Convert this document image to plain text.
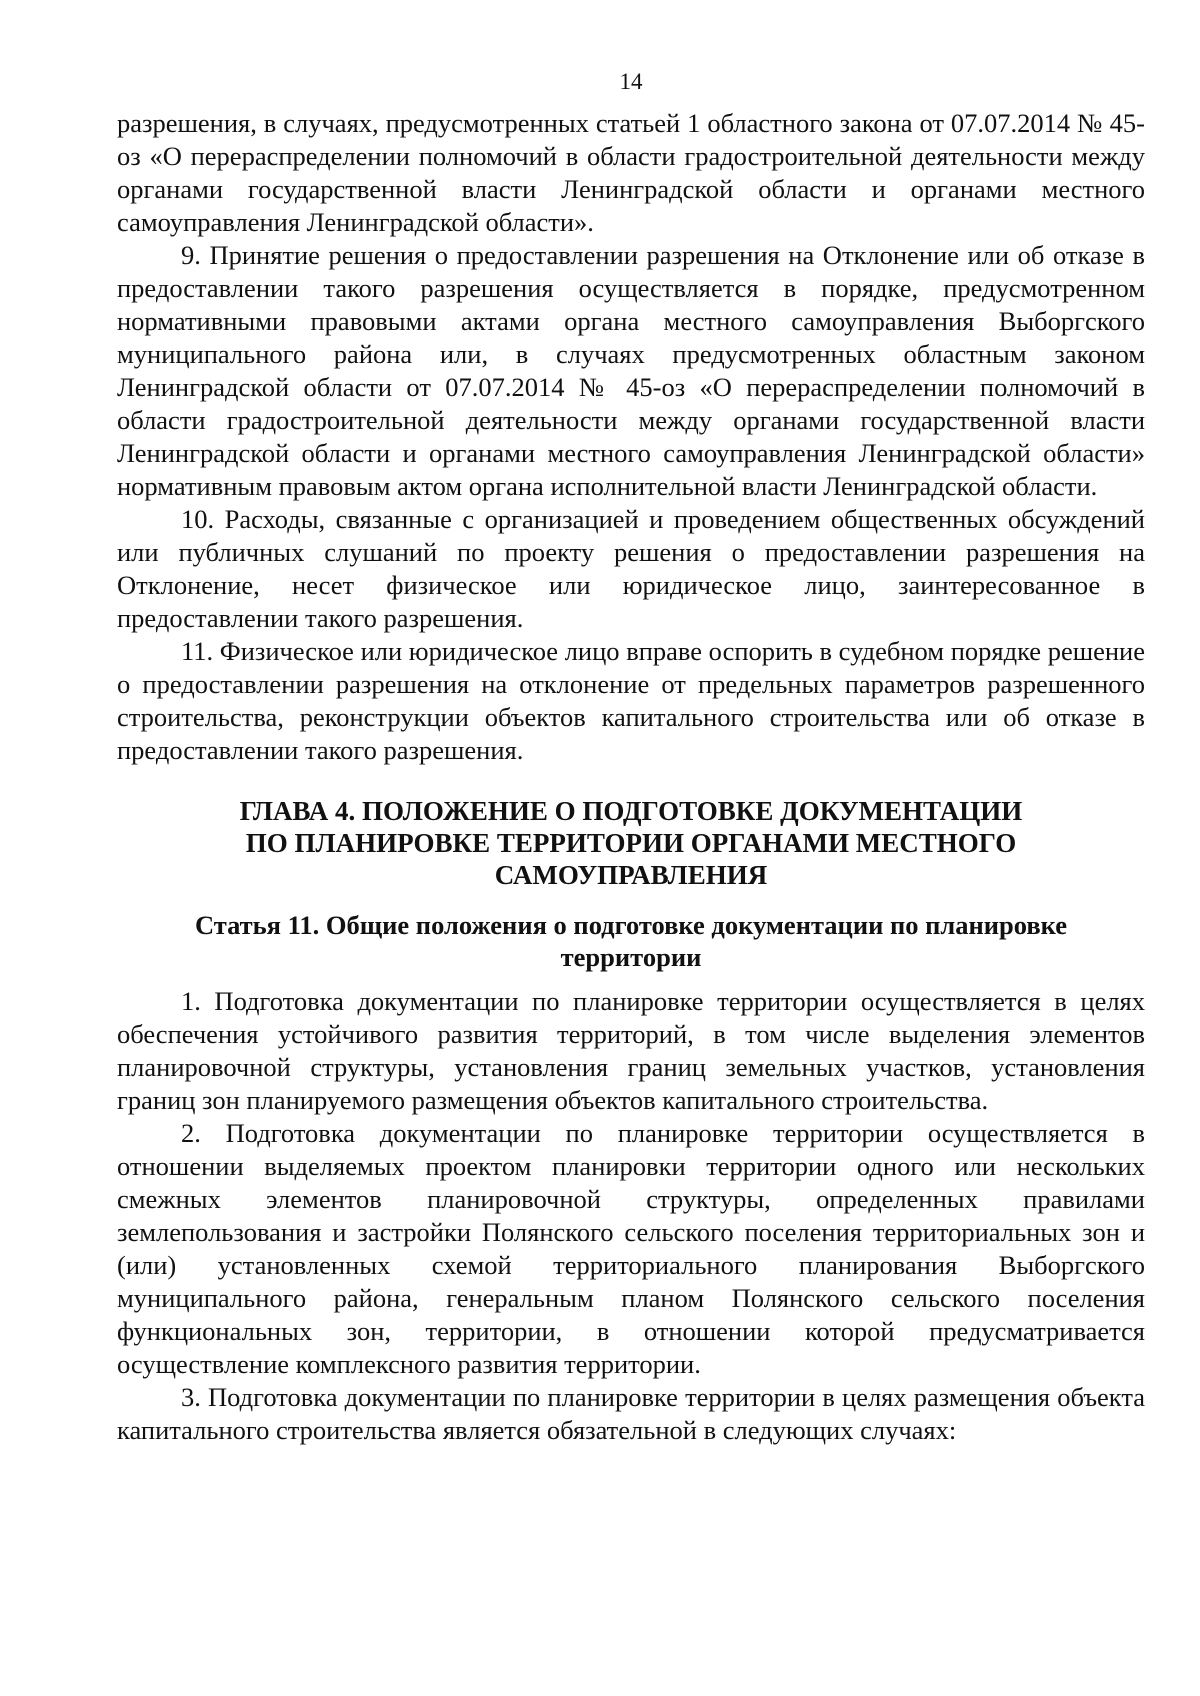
14

разрешения, в случаях, предусмотренных статьей 1 областного закона от 07.07.2014 № 45-оз «О перераспределении полномочий в области градостроительной деятельности между органами государственной власти Ленинградской области и органами местного самоуправления Ленинградской области».

9. Принятие решения о предоставлении разрешения на Отклонение или об отказе в предоставлении такого разрешения осуществляется в порядке, предусмотренном нормативными правовыми актами органа местного самоуправления Выборгского муниципального района или, в случаях предусмотренных областным законом Ленинградской области от 07.07.2014 № 45-оз «О перераспределении полномочий в области градостроительной деятельности между органами государственной власти Ленинградской области и органами местного самоуправления Ленинградской области» нормативным правовым актом органа исполнительной власти Ленинградской области.

10. Расходы, связанные с организацией и проведением общественных обсуждений или публичных слушаний по проекту решения о предоставлении разрешения на Отклонение, несет физическое или юридическое лицо, заинтересованное в предоставлении такого разрешения.

11. Физическое или юридическое лицо вправе оспорить в судебном порядке решение о предоставлении разрешения на отклонение от предельных параметров разрешенного строительства, реконструкции объектов капитального строительства или об отказе в предоставлении такого разрешения.

ГЛАВА 4. ПОЛОЖЕНИЕ О ПОДГОТОВКЕ ДОКУМЕНТАЦИИ
ПО ПЛАНИРОВКЕ ТЕРРИТОРИИ ОРГАНАМИ МЕСТНОГО
САМОУПРАВЛЕНИЯ
Статья 11. Общие положения о подготовке документации по планировке
территории

1. Подготовка документации по планировке территории осуществляется в целях обеспечения устойчивого развития территорий, в том числе выделения элементов планировочной структуры, установления границ земельных участков, установления границ зон планируемого размещения объектов капитального строительства.

2. Подготовка документации по планировке территории осуществляется в отношении выделяемых проектом планировки территории одного или нескольких смежных элементов планировочной структуры, определенных правилами землепользования и застройки Полянского сельского поселения территориальных зон и (или) установленных схемой территориального планирования Выборгского муниципального района, генеральным планом Полянского сельского поселения функциональных зон, территории, в отношении которой предусматривается осуществление комплексного развития территории.

3. Подготовка документации по планировке территории в целях размещения объекта капитального строительства является обязательной в следующих случаях:
